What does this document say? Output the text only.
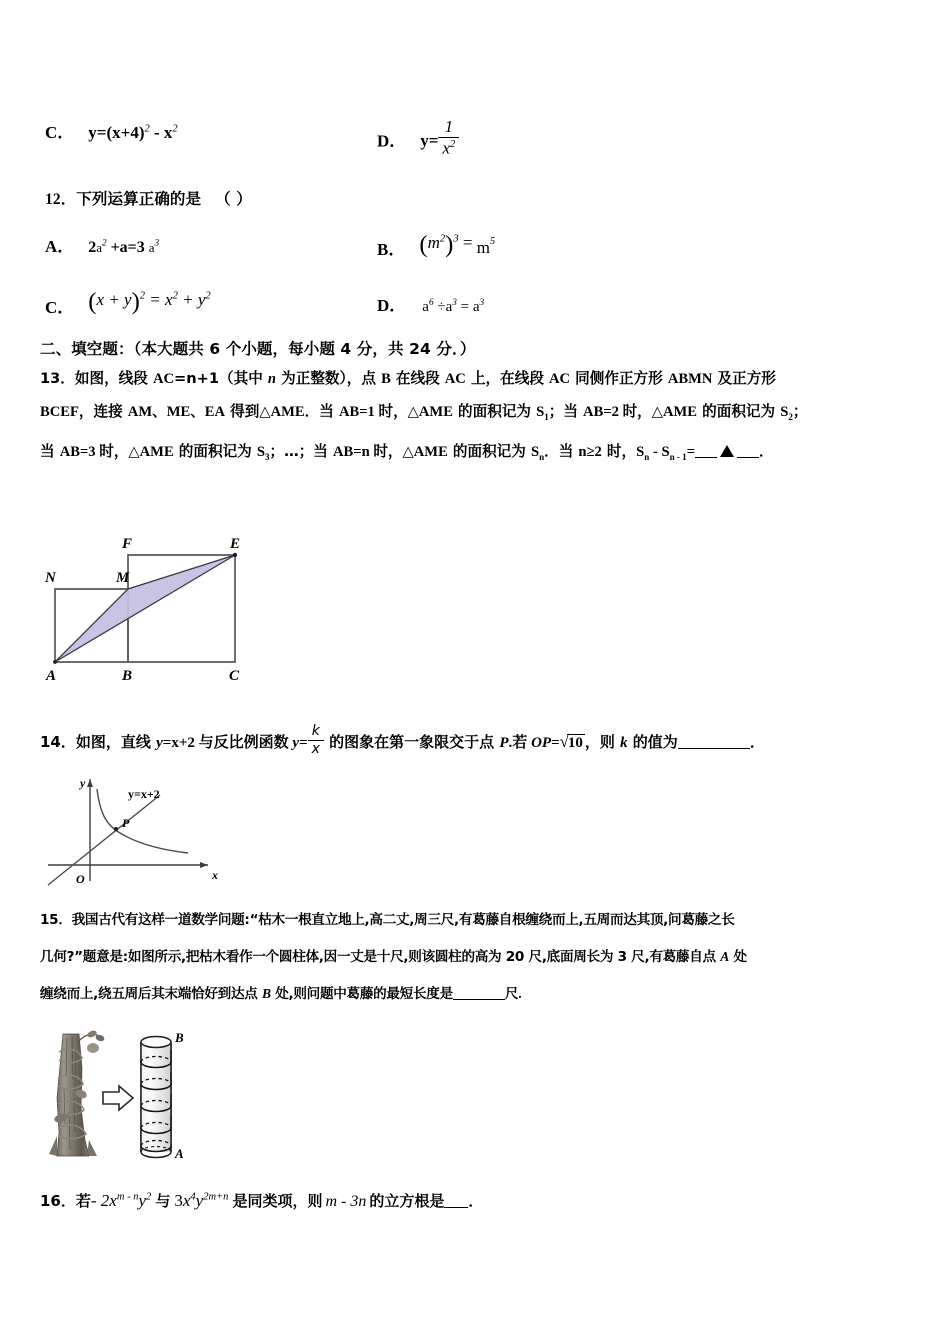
C． $y=(x+4)^2 - x^2$
D． $y= \frac{1}{x^2}$
12．下列运算正确的是 （ ）
A． $2a^2 +a=3$ $a^3$	B． $(m^2)^3 = m^5$
C． $(x + y)^2 = x^2 + y^2$
D． $a^6 \div a^3 = a^3$
二、填空题：（本大题共 6 个小题，每小题 4 分，共 24 分．）
13．如图，线段 AC=n+1（其中 n 为正整数），点 B 在线段 AC 上，在线段 AC 同侧作正方形 ABMN 及正方形
BCEF，连接 AM、ME、EA 得到△AME．当 AB=1 时，△AME 的面积记为 $S_1$；当 AB=2 时，△AME 的面积记为 $S_2$；
当 AB=3 时，△AME 的面积记为 $S_3$；…；当 AB=n 时，△AME 的面积记为 $S_n$．当 n≥2 时，$S_n - S_{n - 1}=$	．
A	B	C
N	M
F	E
14．如图，直线 y=x+2 与反比例函数 $y= \frac{k}{x}$ 的图象在第一象限交于点 P.若 OP=√10 ，则 k 的值为	．
y
x
O
P
y=x+2
15．我国古代有这样一道数学问题:“枯木一根直立地上,高二丈,周三尺,有葛藤自根缠绕而上,五周而达其顶,问葛藤之长
几何?”题意是:如图所示,把枯木看作一个圆柱体,因一丈是十尺,则该圆柱的高为 20 尺,底面周长为 3 尺,有葛藤自点 A 处
缠绕而上,绕五周后其末端恰好到达点 B 处,则问题中葛藤的最短长度是	尺.
B
A
16．若- $2x^{m - n}y^2$ 与 $3x^4y^{2m+n}$ 是同类项，则 m - 3n 的立方根是 ．
